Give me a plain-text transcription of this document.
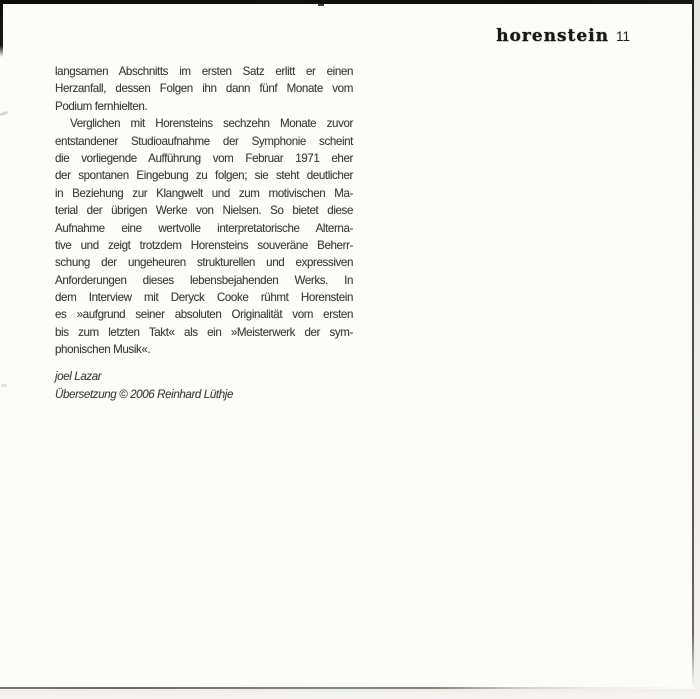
horenstein 11
langsamen Abschnitts im ersten Satz erlitt er einen
Herzanfall, dessen Folgen ihn dann fünf Monate vom
Podium fernhielten.
Verglichen mit Horensteins sechzehn Monate zuvor
entstandener Studioaufnahme der Symphonie scheint
die vorliegende Aufführung vom Februar 1971 eher
der spontanen Eingebung zu folgen; sie steht deutlicher
in Beziehung zur Klangwelt und zum motivischen Ma-
terial der übrigen Werke von Nielsen. So bietet diese
Aufnahme eine wertvolle interpretatorische Alterna-
tive und zeigt trotzdem Horensteins souveräne Beherr-
schung der ungeheuren strukturellen und expressiven
Anforderungen dieses lebensbejahenden Werks. In
dem Interview mit Deryck Cooke rühmt Horenstein
es »aufgrund seiner absoluten Originalität vom ersten
bis zum letzten Takt« als ein »Meisterwerk der sym-
phonischen Musik«.
joel Lazar
Übersetzung © 2006 Reinhard Lüthje
